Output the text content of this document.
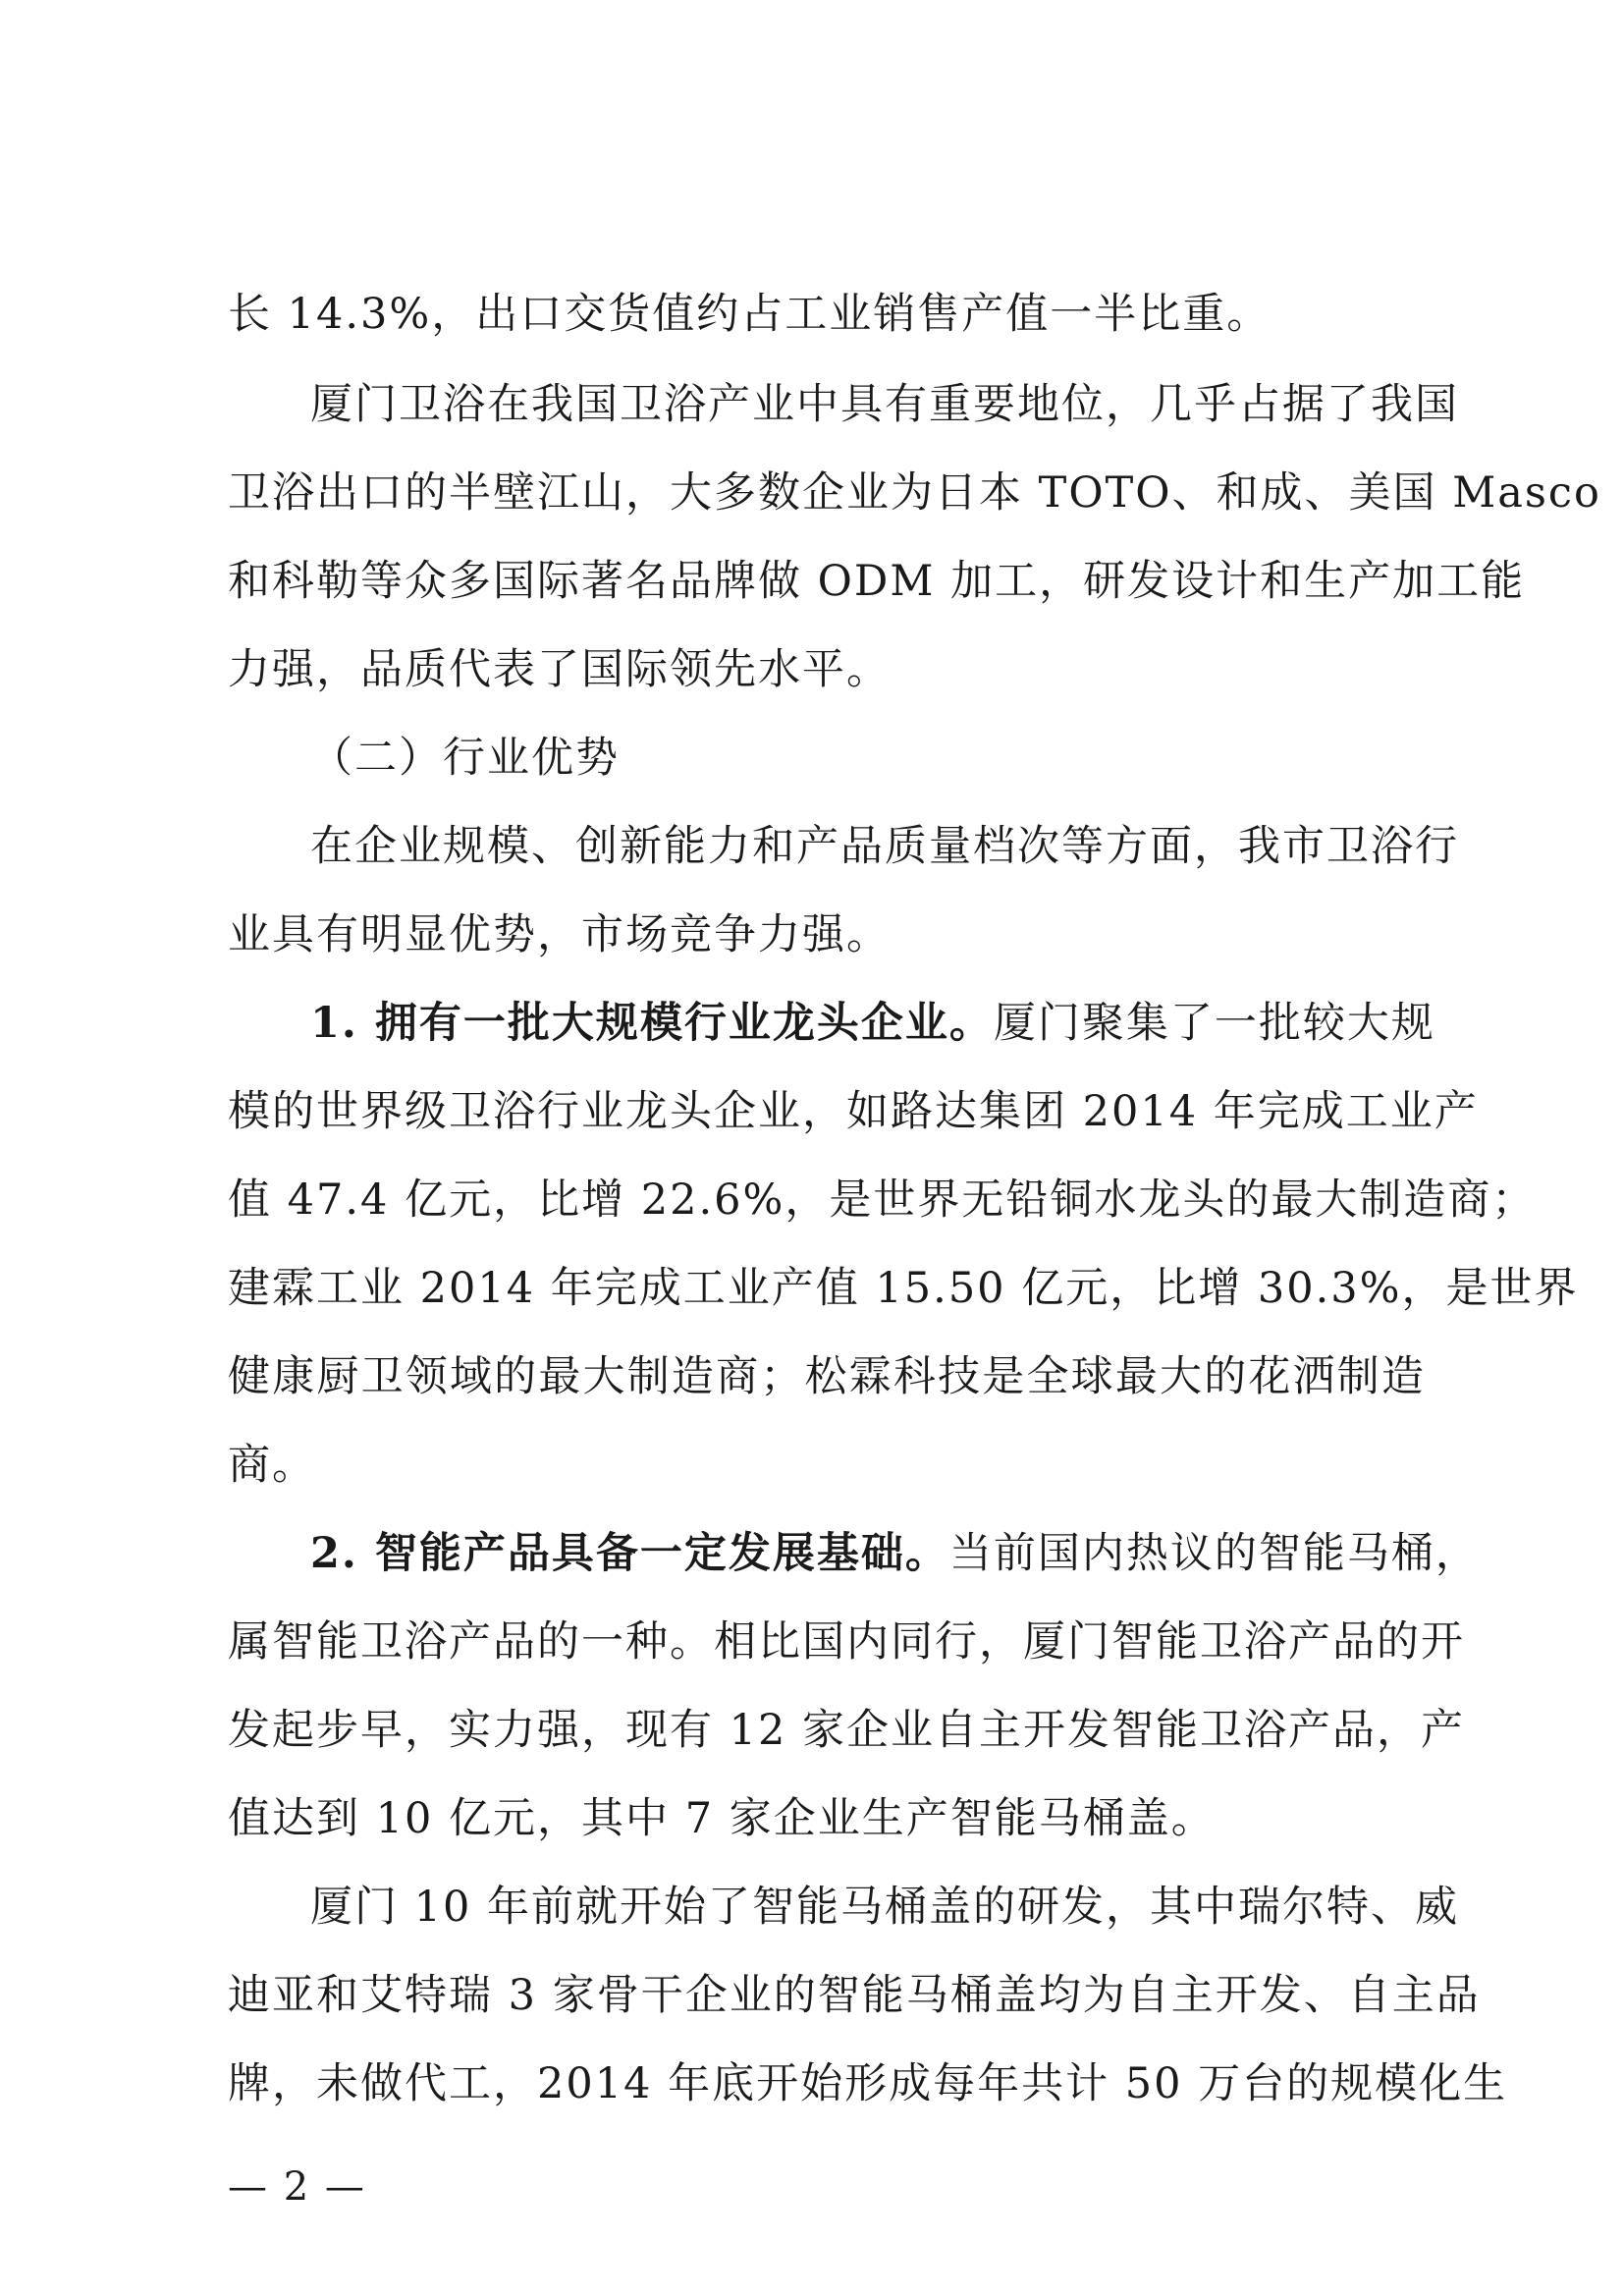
长 14.3%，出口交货值约占工业销售产值一半比重。
厦门卫浴在我国卫浴产业中具有重要地位，几乎占据了我国
卫浴出口的半壁江山，大多数企业为日本 TOTO、和成、美国 Masco
和科勒等众多国际著名品牌做 ODM 加工，研发设计和生产加工能
力强，品质代表了国际领先水平。
（二）行业优势
在企业规模、创新能力和产品质量档次等方面，我市卫浴行
业具有明显优势，市场竞争力强。
1. 拥有一批大规模行业龙头企业。厦门聚集了一批较大规
模的世界级卫浴行业龙头企业，如路达集团 2014 年完成工业产
值 47.4 亿元，比增 22.6%，是世界无铅铜水龙头的最大制造商；
建霖工业 2014 年完成工业产值 15.50 亿元，比增 30.3%，是世界
健康厨卫领域的最大制造商；松霖科技是全球最大的花洒制造
商。
2. 智能产品具备一定发展基础。当前国内热议的智能马桶，
属智能卫浴产品的一种。相比国内同行，厦门智能卫浴产品的开
发起步早，实力强，现有 12 家企业自主开发智能卫浴产品，产
值达到 10 亿元，其中 7 家企业生产智能马桶盖。
厦门 10 年前就开始了智能马桶盖的研发，其中瑞尔特、威
迪亚和艾特瑞 3 家骨干企业的智能马桶盖均为自主开发、自主品
牌，未做代工，2014 年底开始形成每年共计 50 万台的规模化生
— 2 —
